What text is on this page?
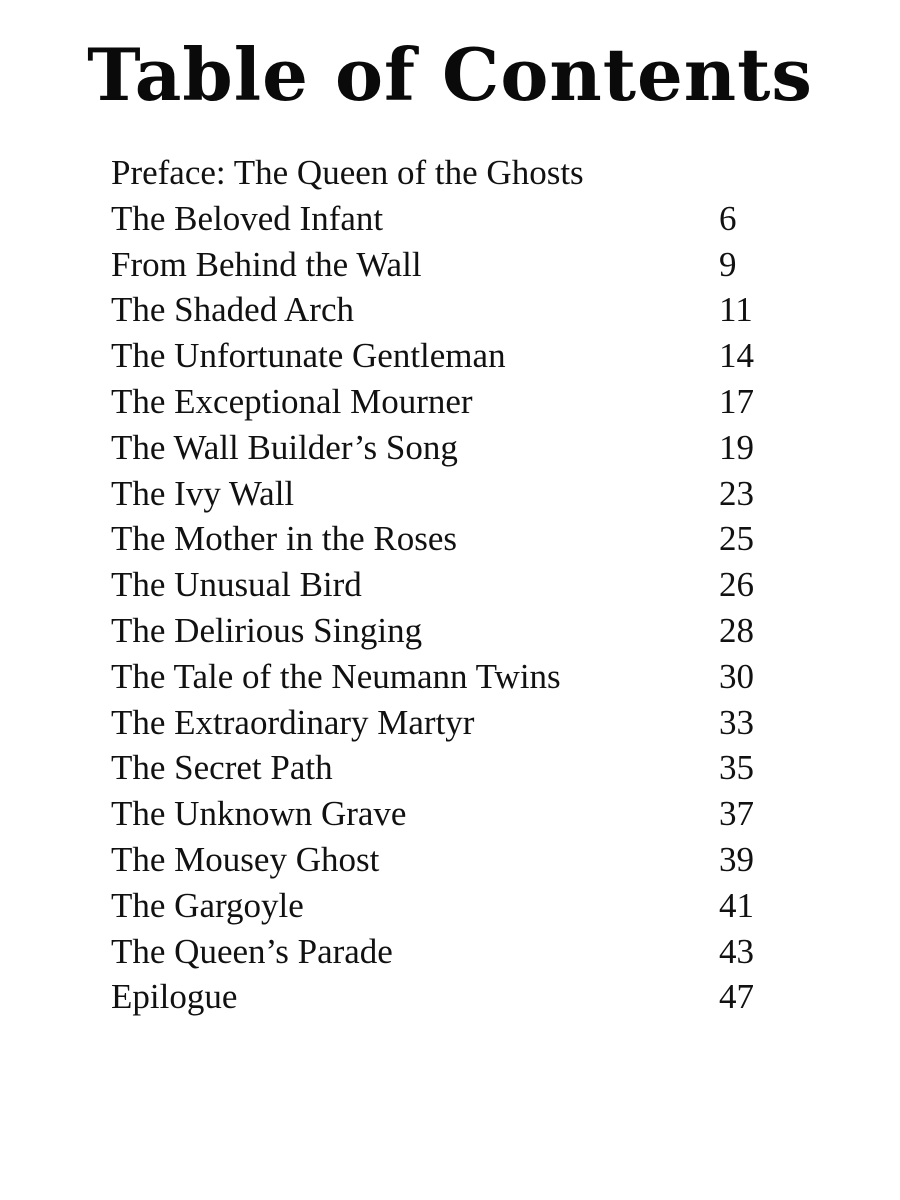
Table of Contents
Preface: The Queen of the Ghosts
The Beloved Infant	6
From Behind the Wall	9
The Shaded Arch	11
The Unfortunate Gentleman	14
The Exceptional Mourner	17
The Wall Builder’s Song	19
The Ivy Wall	23
The Mother in the Roses	25
The Unusual Bird	26
The Delirious Singing	28
The Tale of the Neumann Twins	30
The Extraordinary Martyr	33
The Secret Path	35
The Unknown Grave	37
The Mousey Ghost	39
The Gargoyle	41
The Queen’s Parade	43
Epilogue	47
